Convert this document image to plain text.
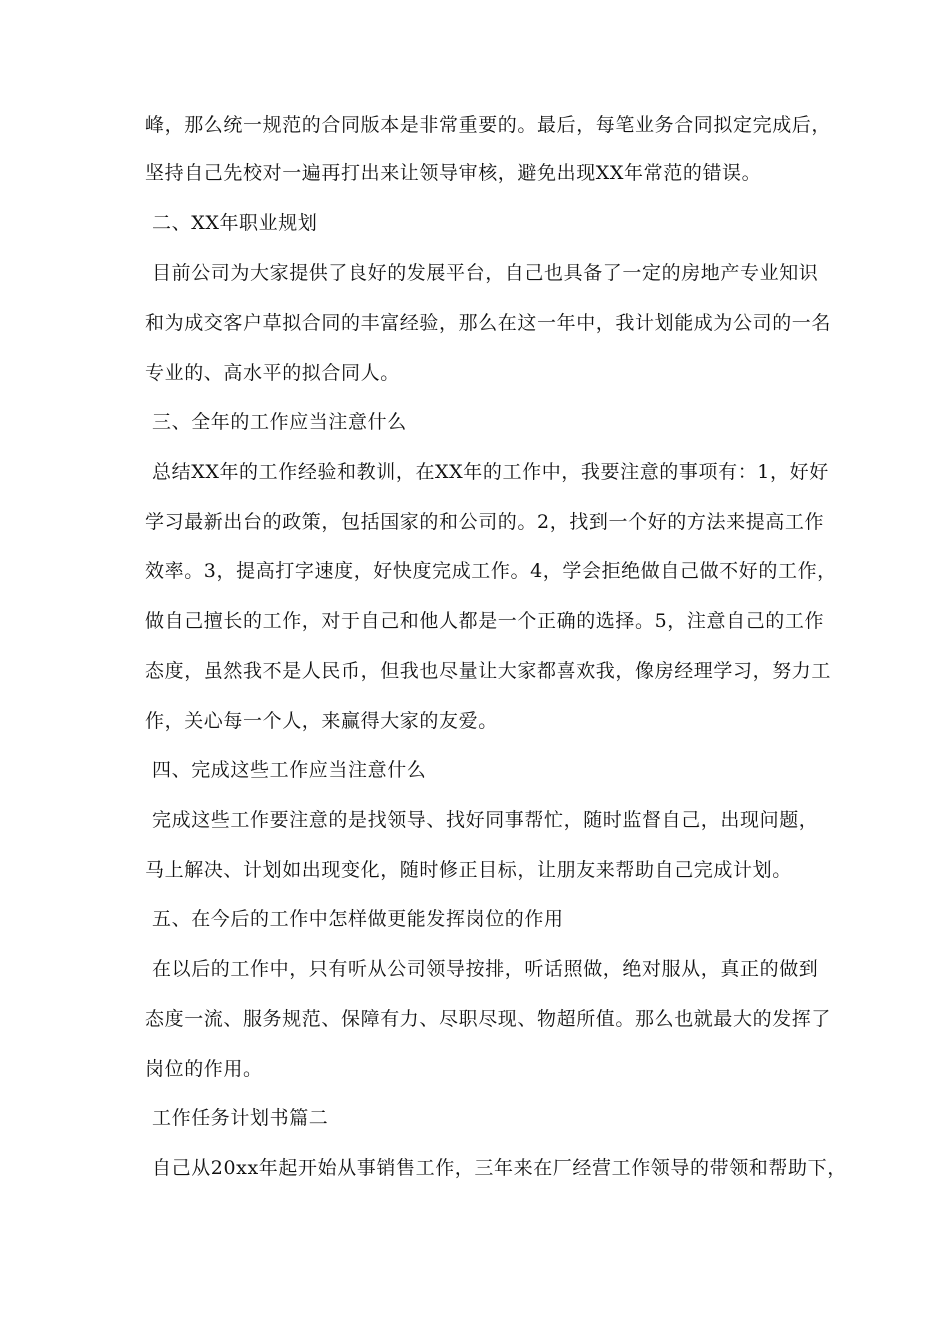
峰，那么统一规范的合同版本是非常重要的。最后，每笔业务合同拟定完成后，
坚持自己先校对一遍再打出来让领导审核，避免出现XX年常范的错误。
二、XX年职业规划
目前公司为大家提供了良好的发展平台，自己也具备了一定的房地产专业知识
和为成交客户草拟合同的丰富经验，那么在这一年中，我计划能成为公司的一名
专业的、高水平的拟合同人。
三、全年的工作应当注意什么
总结XX年的工作经验和教训，在XX年的工作中，我要注意的事项有：1，好好
学习最新出台的政策，包括国家的和公司的。2，找到一个好的方法来提高工作
效率。3，提高打字速度，好快度完成工作。4，学会拒绝做自己做不好的工作，
做自己擅长的工作，对于自己和他人都是一个正确的选择。5，注意自己的工作
态度，虽然我不是人民币，但我也尽量让大家都喜欢我，像房经理学习，努力工
作，关心每一个人，来赢得大家的友爱。
四、完成这些工作应当注意什么
完成这些工作要注意的是找领导、找好同事帮忙，随时监督自己，出现问题，
马上解决、计划如出现变化，随时修正目标，让朋友来帮助自己完成计划。
五、在今后的工作中怎样做更能发挥岗位的作用
在以后的工作中，只有听从公司领导按排，听话照做，绝对服从，真正的做到
态度一流、服务规范、保障有力、尽职尽现、物超所值。那么也就最大的发挥了
岗位的作用。
工作任务计划书篇二
自己从20xx年起开始从事销售工作，三年来在厂经营工作领导的带领和帮助下，
